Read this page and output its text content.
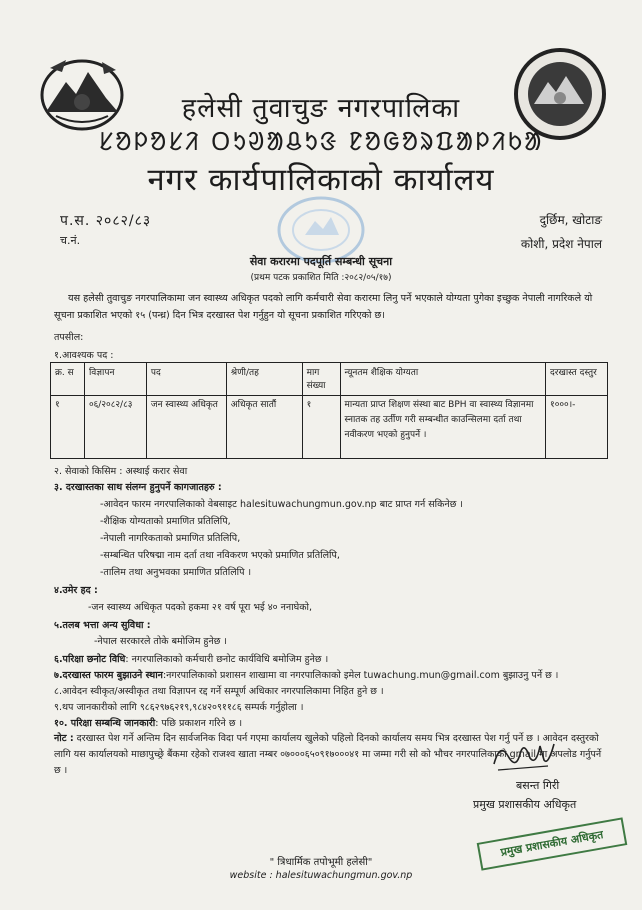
हलेसी तुवाचुङ नगरपालिका
ᱥᱚᱞᱚᱥᱤ ᱛᱩᱣᱟᱪᱩᱝ ᱱᱚᱜᱚᱨᱯᱟᱞᱤᱠᱟ
नगर कार्यपालिकाको कार्यालय
प.स. २०८२/८३
च.नं.
दुर्छिम, खोटाङ
कोशी, प्रदेश नेपाल
सेवा करारमा पदपूर्ति सम्बन्धी सूचना
(प्रथम पटक प्रकाशित मिति :२०८२/०५/१७)
यस हलेसी तुवाचुङ नगरपालिकामा जन स्वास्थ्य अधिकृत पदको लागि कर्मचारी सेवा करारमा लिनु पर्ने भएकाले योग्यता पुगेका इच्छुक नेपाली नागरिकले यो सूचना प्रकाशित भएको १५ (पन्ध्र) दिन भित्र दरखास्त पेश गर्नुहुन यो सूचना प्रकाशित गरिएको छ।
तपसील:
१.आवश्यक पद :
क्र. स	विज्ञापन	पद	श्रेणी/तह	माग संख्या	न्यूनतम शैक्षिक योग्यता	दरखास्त दस्तुर
१	०६/२०८२/८३	जन स्वास्थ्य अधिकृत	अधिकृत सातौं	१	मान्यता प्राप्त शिक्षण संस्था बाट BPH वा स्वास्थ्य विज्ञानमा स्नातक तह उर्तीण गरी सम्बन्धीत काउन्सिलमा दर्ता तथा नवीकरण भएको हुनुपर्ने ।	१०००।-
२. सेवाको किसिम : अस्थाई करार सेवा
३. दरखास्तका साथ संलग्न हुनुपर्ने कागजातहरु :
-आवेदन फारम नगरपालिकाको वेबसाइट halesituwachungmun.gov.np बाट प्राप्त गर्न सकिनेछ ।
-शैक्षिक योग्यताको प्रमाणित प्रतिलिपि,
-नेपाली नागरिकताको प्रमाणित प्रतिलिपि,
-सम्बन्धित परिषद्मा नाम दर्ता तथा नविकरण भएको प्रमाणित प्रतिलिपि,
-तालिम तथा अनुभवका प्रमाणित प्रतिलिपि ।
४.उमेर हद :
-जन स्वास्थ्य अधिकृत पदको हकमा २१ वर्ष पूरा भई ४० ननाघेको,
५.तलब भत्ता अन्य सुविधा :
-नेपाल सरकारले तोके बमोजिम हुनेछ ।
६.परिक्षा छनोट विधि: नगरपालिकाको कर्मचारी छनोट कार्यविधि बमोजिम हुनेछ ।
७.दरखास्त फारम बुझाउने स्थान:नगरपालिकाको प्रशासन शाखामा वा नगरपालिकाको इमेल tuwachung.mun@gmail.com बुझाउनु पर्ने छ ।
८.आवेदन स्वीकृत/अस्वीकृत तथा विज्ञापन रद्द गर्ने सम्पूर्ण अधिकार नगरपालिकामा निहित हुने छ ।
९.थप जानकारीको लागि ९८६२९७६२१९,९८४२०९११८६ सम्पर्क गर्नुहोला ।
१०. परिक्षा सम्बन्धि जानकारी: पछि प्रकाशन गरिने छ ।
नोट : दरखास्त पेश गर्ने अन्तिम दिन सार्वजनिक विदा पर्न गएमा कार्यालय खुलेको पहिलो दिनको कार्यालय समय भित्र दरखास्त पेश गर्नु पर्ने छ । आवेदन दस्तुरको लागि यस कार्यालयको माछापुच्छ्रे बैंकमा रहेको राजश्व खाता नम्बर ०७०००६५०९१७०००४१ मा जम्मा गरी सो को भौचर नगरपालिकाको gmail मा अपलोड गर्नुपर्ने छ ।
बसन्त गिरी
प्रमुख प्रशासकीय अधिकृत
प्रमुख प्रशासकीय अधिकृत
" त्रिधार्मिक तपोभूमी हलेसी"
website : halesituwachungmun.gov.np
